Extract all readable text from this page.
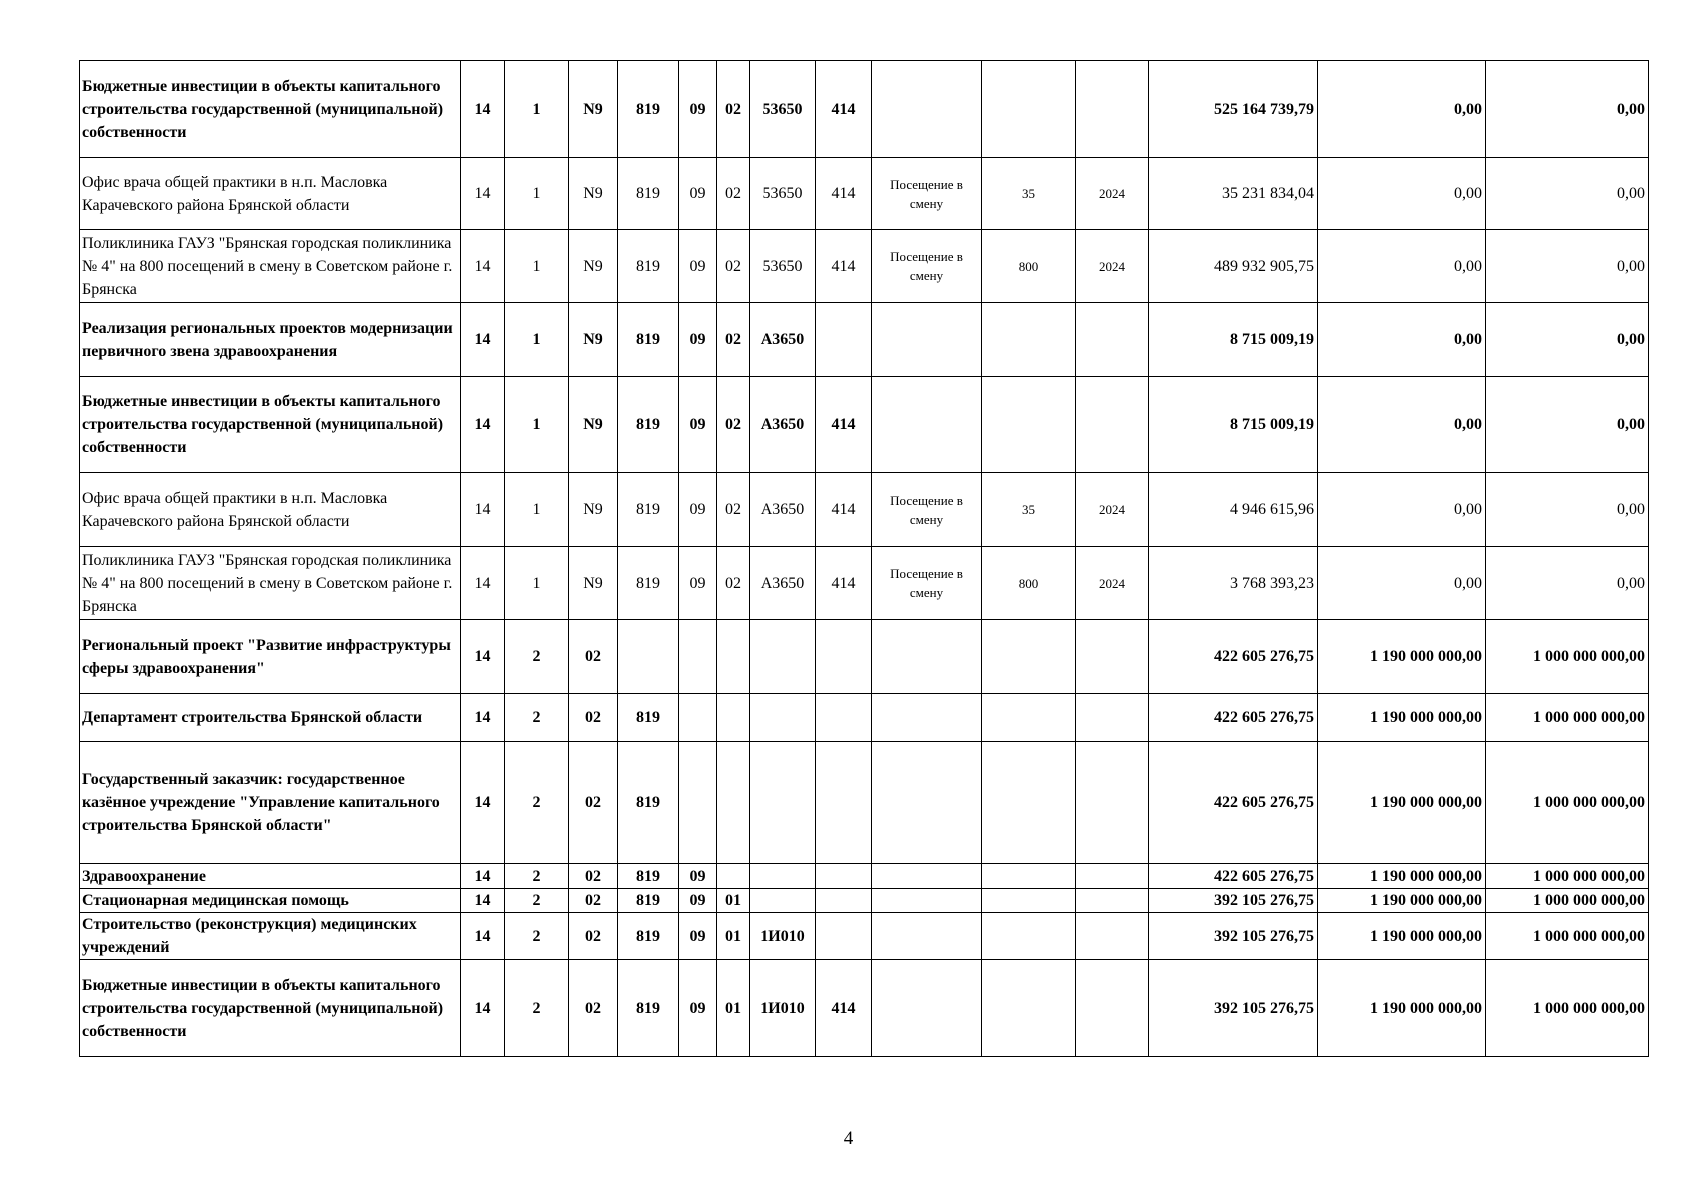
Бюджетные инвестиции в объекты капитального строительства государственной (муниципальной) собственности	14	1	N9	819	09	02	53650	414				525 164 739,79	0,00	0,00
Офис врача общей практики в н.п. Масловка Карачевского района Брянской области	14	1	N9	819	09	02	53650	414	Посещение в смену	35	2024	35 231 834,04	0,00	0,00
Поликлиника ГАУЗ "Брянская городская поликлиника № 4" на 800 посещений в смену в Советском районе г. Брянска	14	1	N9	819	09	02	53650	414	Посещение в смену	800	2024	489 932 905,75	0,00	0,00
Реализация региональных проектов модернизации первичного звена здравоохранения	14	1	N9	819	09	02	А3650					8 715 009,19	0,00	0,00
Бюджетные инвестиции в объекты капитального строительства государственной (муниципальной) собственности	14	1	N9	819	09	02	А3650	414				8 715 009,19	0,00	0,00
Офис врача общей практики в н.п. Масловка Карачевского района Брянской области	14	1	N9	819	09	02	А3650	414	Посещение в смену	35	2024	4 946 615,96	0,00	0,00
Поликлиника ГАУЗ "Брянская городская поликлиника № 4" на 800 посещений в смену в Советском районе г. Брянска	14	1	N9	819	09	02	А3650	414	Посещение в смену	800	2024	3 768 393,23	0,00	0,00
Региональный проект "Развитие инфраструктуры сферы здравоохранения"	14	2	02									422 605 276,75	1 190 000 000,00	1 000 000 000,00
Департамент строительства Брянской области	14	2	02	819								422 605 276,75	1 190 000 000,00	1 000 000 000,00
Государственный заказчик: государственное казённое учреждение "Управление капитального строительства Брянской области"	14	2	02	819								422 605 276,75	1 190 000 000,00	1 000 000 000,00
Здравоохранение	14	2	02	819	09							422 605 276,75	1 190 000 000,00	1 000 000 000,00
Стационарная медицинская помощь	14	2	02	819	09	01						392 105 276,75	1 190 000 000,00	1 000 000 000,00
Строительство (реконструкция) медицинских учреждений	14	2	02	819	09	01	1И010					392 105 276,75	1 190 000 000,00	1 000 000 000,00
Бюджетные инвестиции в объекты капитального строительства государственной (муниципальной) собственности	14	2	02	819	09	01	1И010	414				392 105 276,75	1 190 000 000,00	1 000 000 000,00
4
